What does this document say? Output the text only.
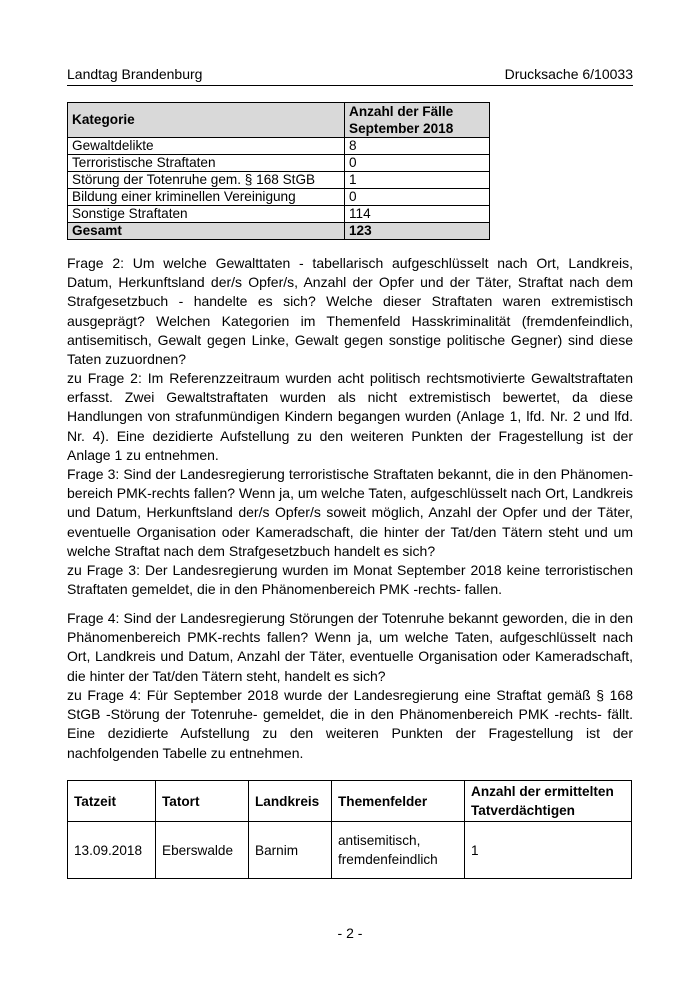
Landtag Brandenburg	Drucksache 6/10033
Kategorie	Anzahl der Fälle September 2018
Gewaltdelikte	8
Terroristische Straftaten	0
Störung der Totenruhe gem. § 168 StGB	1
Bildung einer kriminellen Vereinigung	0
Sonstige Straftaten	114
Gesamt	123

Frage 2: Um welche Gewalttaten - tabellarisch aufgeschlüsselt nach Ort, Landkreis, Datum, Herkunftsland der/s Opfer/s, Anzahl der Opfer und der Täter, Straftat nach dem Strafgesetzbuch - handelte es sich? Welche dieser Straftaten waren extremistisch ausgeprägt? Welchen Kategorien im Themenfeld Hasskriminalität (fremdenfeindlich, antisemitisch, Gewalt gegen Linke, Gewalt gegen sonstige politische Gegner) sind diese Taten zuzuordnen?

zu Frage 2: Im Referenzzeitraum wurden acht politisch rechtsmotivierte Gewaltstraftaten erfasst. Zwei Gewaltstraftaten wurden als nicht extremistisch bewertet, da diese Handlungen von strafunmündigen Kindern begangen wurden (Anlage 1, lfd. Nr. 2 und lfd. Nr. 4). Eine dezidierte Aufstellung zu den weiteren Punkten der Fragestellung ist der Anlage 1 zu entnehmen.

Frage 3: Sind der Landesregierung terroristische Straftaten bekannt, die in den Phänomen-bereich PMK-rechts fallen? Wenn ja, um welche Taten, aufgeschlüsselt nach Ort, Landkreis und Datum, Herkunftsland der/s Opfer/s soweit möglich, Anzahl der Opfer und der Täter, eventuelle Organisation oder Kameradschaft, die hinter der Tat/den Tätern steht und um welche Straftat nach dem Strafgesetzbuch handelt es sich?

zu Frage 3: Der Landesregierung wurden im Monat September 2018 keine terroristischen Straftaten gemeldet, die in den Phänomenbereich PMK -rechts- fallen.

Frage 4: Sind der Landesregierung Störungen der Totenruhe bekannt geworden, die in den Phänomenbereich PMK-rechts fallen? Wenn ja, um welche Taten, aufgeschlüsselt nach Ort, Landkreis und Datum, Anzahl der Täter, eventuelle Organisation oder Kameradschaft, die hinter der Tat/den Tätern steht, handelt es sich?

zu Frage 4: Für September 2018 wurde der Landesregierung eine Straftat gemäß § 168 StGB -Störung der Totenruhe- gemeldet, die in den Phänomenbereich PMK -rechts- fällt. Eine dezidierte Aufstellung zu den weiteren Punkten der Fragestellung ist der nachfolgenden Tabelle zu entnehmen.

Tatzeit	Tatort	Landkreis	Themenfelder	Anzahl der ermittelten Tatverdächtigen
13.09.2018	Eberswalde	Barnim	antisemitisch, fremdenfeindlich	1
- 2 -
